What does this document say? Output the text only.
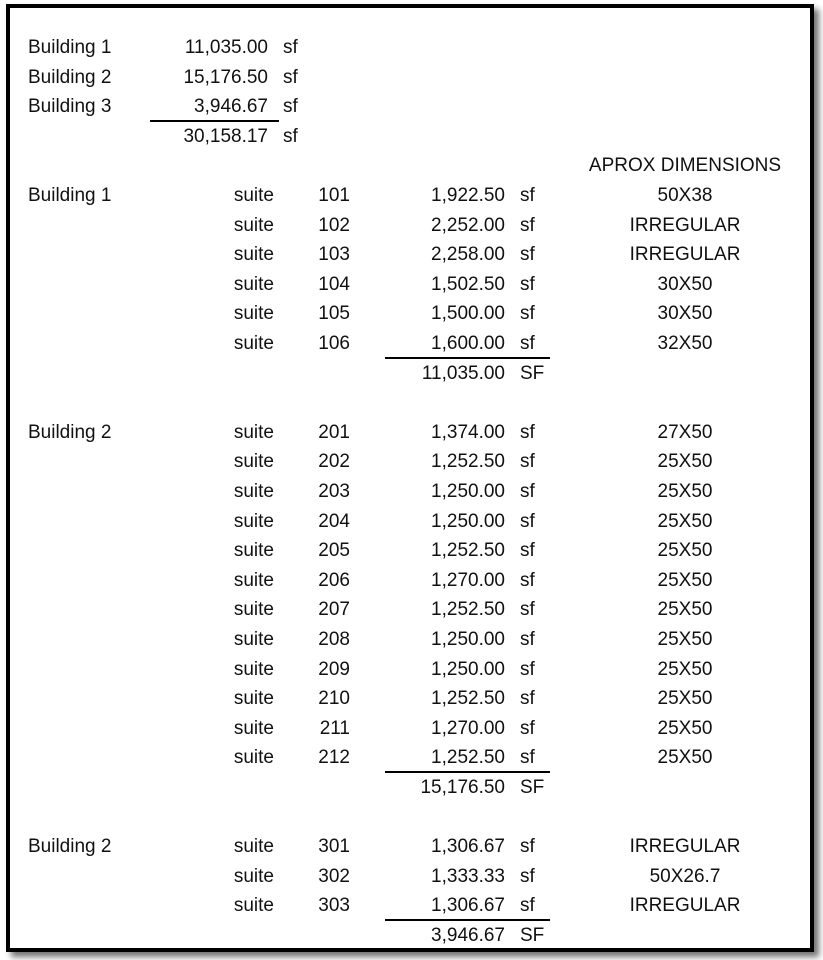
Building 1	11,035.00 sf
Building 2	15,176.50 sf
Building 3	3,946.67 sf
30,158.17 sf
APROX DIMENSIONS
Building 1	suite	101	1,922.50 sf	50X38
suite	102	2,252.00 sf	IRREGULAR
suite	103	2,258.00 sf	IRREGULAR
suite	104	1,502.50 sf	30X50
suite	105	1,500.00 sf	30X50
suite	106	1,600.00 sf	32X50
11,035.00 SF
Building 2	suite	201	1,374.00 sf	27X50
suite	202	1,252.50 sf	25X50
suite	203	1,250.00 sf	25X50
suite	204	1,250.00 sf	25X50
suite	205	1,252.50 sf	25X50
suite	206	1,270.00 sf	25X50
suite	207	1,252.50 sf	25X50
suite	208	1,250.00 sf	25X50
suite	209	1,250.00 sf	25X50
suite	210	1,252.50 sf	25X50
suite	211	1,270.00 sf	25X50
suite	212	1,252.50 sf	25X50
15,176.50 SF
Building 2	suite	301	1,306.67 sf	IRREGULAR
suite	302	1,333.33 sf	50X26.7
suite	303	1,306.67 sf	IRREGULAR
3,946.67 SF
